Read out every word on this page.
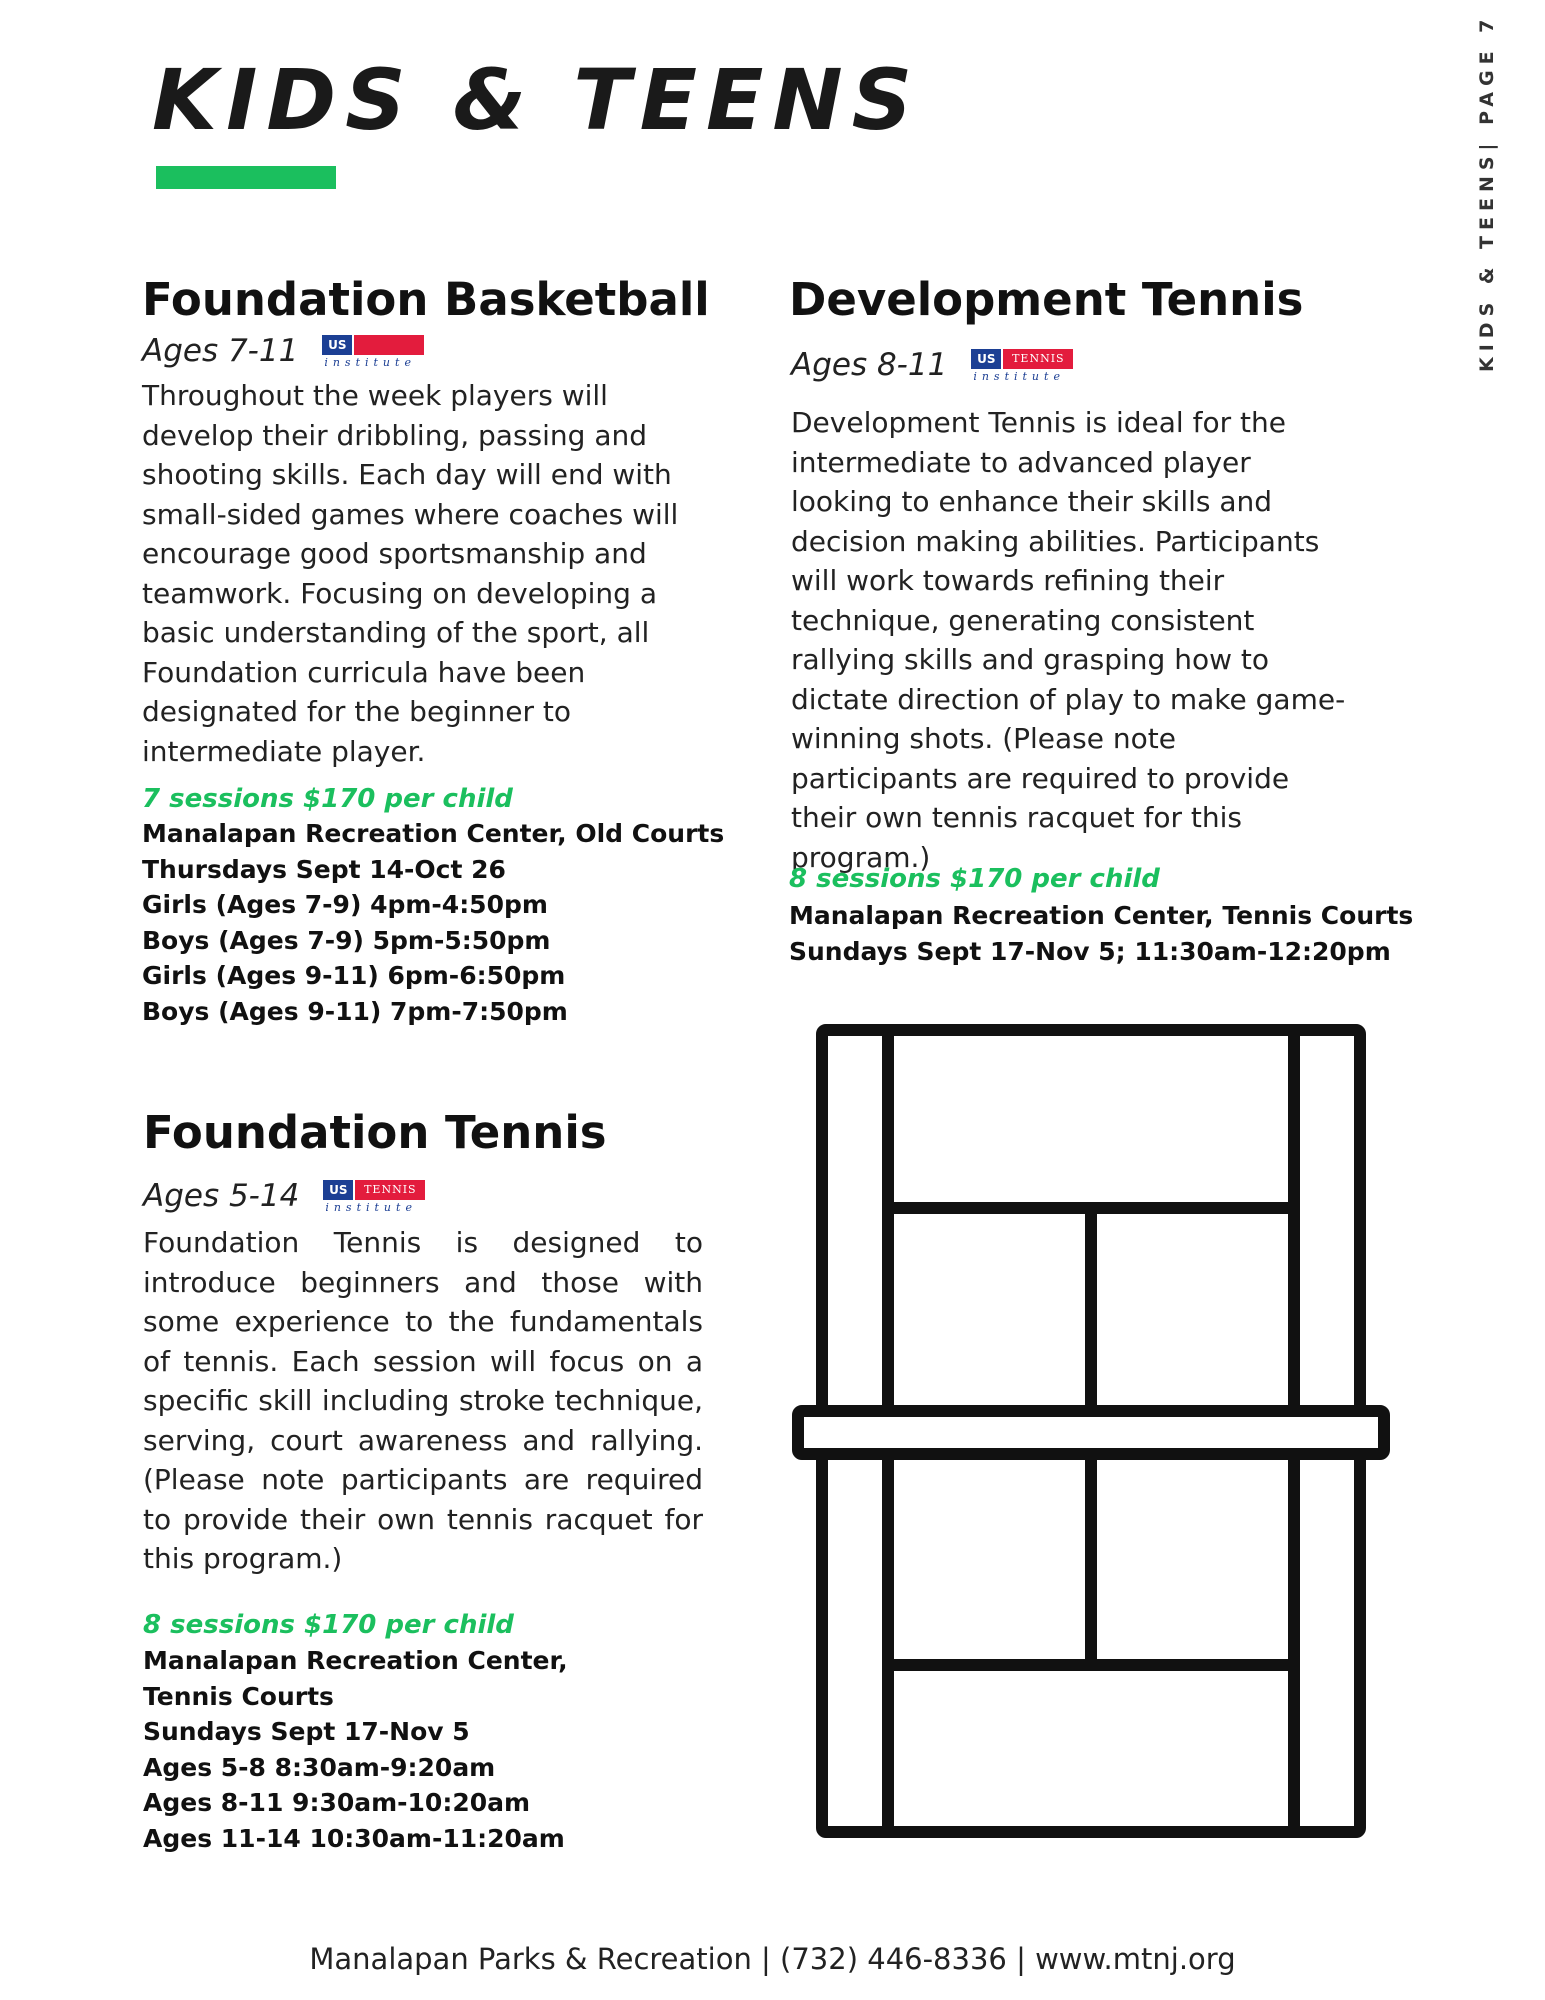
KIDS & TEENS	KIDS & TEENS| PAGE 7
Foundation Basketball
Ages 7-11	US
institute
Throughout the week players will develop their dribbling, passing and shooting skills. Each day will end with small-sided games where coaches will encourage good sportsmanship and teamwork. Focusing on developing a basic understanding of the sport, all Foundation curricula have been designated for the beginner to intermediate player.
7 sessions $170 per child
Manalapan Recreation Center, Old Courts
Thursdays Sept 14-Oct 26
Girls (Ages 7-9) 4pm-4:50pm
Boys (Ages 7-9) 5pm-5:50pm
Girls (Ages 9-11) 6pm-6:50pm
Boys (Ages 9-11) 7pm-7:50pm
Development Tennis
Ages 8-11	US	TENNIS
institute
Development Tennis is ideal for the intermediate to advanced player looking to enhance their skills and decision making abilities. Participants will work towards refining their technique, generating consistent rallying skills and grasping how to dictate direction of play to make game-winning shots. (Please note participants are required to provide their own tennis racquet for this program.)
8 sessions $170 per child
Manalapan Recreation Center, Tennis Courts
Sundays Sept 17-Nov 5; 11:30am-12:20pm
Foundation Tennis
Ages 5-14	US	TENNIS
institute
Foundation Tennis is designed to introduce beginners and those with some experience to the fundamentals of tennis. Each session will focus on a specific skill including stroke technique, serving, court awareness and rallying. (Please note participants are required to provide their own tennis racquet for this program.)
8 sessions $170 per child
Manalapan Recreation Center,
Tennis Courts
Sundays Sept 17-Nov 5
Ages 5-8 8:30am-9:20am
Ages 8-11 9:30am-10:20am
Ages 11-14 10:30am-11:20am
Manalapan Parks & Recreation | (732) 446-8336 | www.mtnj.org
